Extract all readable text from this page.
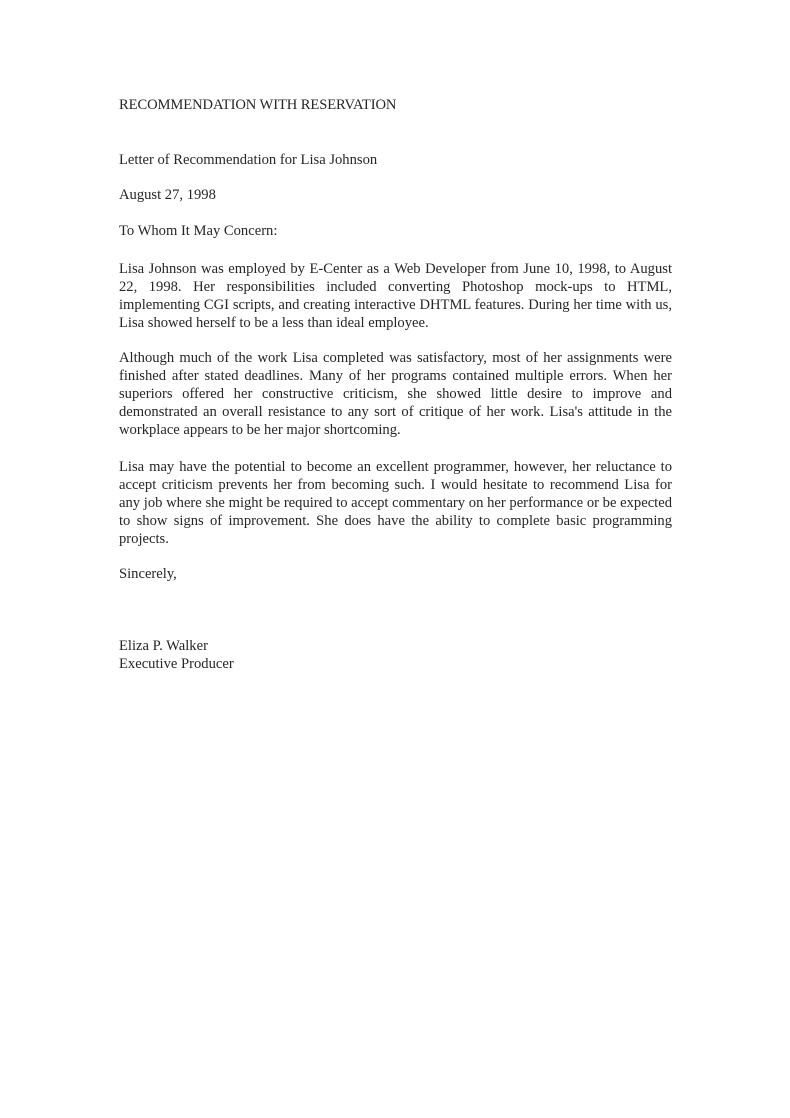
RECOMMENDATION WITH RESERVATION

Letter of Recommendation for Lisa Johnson

August 27, 1998

To Whom It May Concern:

Lisa Johnson was employed by E-Center as a Web Developer from June 10, 1998, to August 22, 1998. Her responsibilities included converting Photoshop mock-ups to HTML, implementing CGI scripts, and creating interactive DHTML features. During her time with us, Lisa showed herself to be a less than ideal employee.

Although much of the work Lisa completed was satisfactory, most of her assignments were finished after stated deadlines. Many of her programs contained multiple errors. When her superiors offered her constructive criticism, she showed little desire to improve and demonstrated an overall resistance to any sort of critique of her work. Lisa's attitude in the workplace appears to be her major shortcoming.

Lisa may have the potential to become an excellent programmer, however, her reluctance to accept criticism prevents her from becoming such. I would hesitate to recommend Lisa for any job where she might be required to accept commentary on her performance or be expected to show signs of improvement. She does have the ability to complete basic programming projects.

Sincerely,

Eliza P. Walker

Executive Producer
